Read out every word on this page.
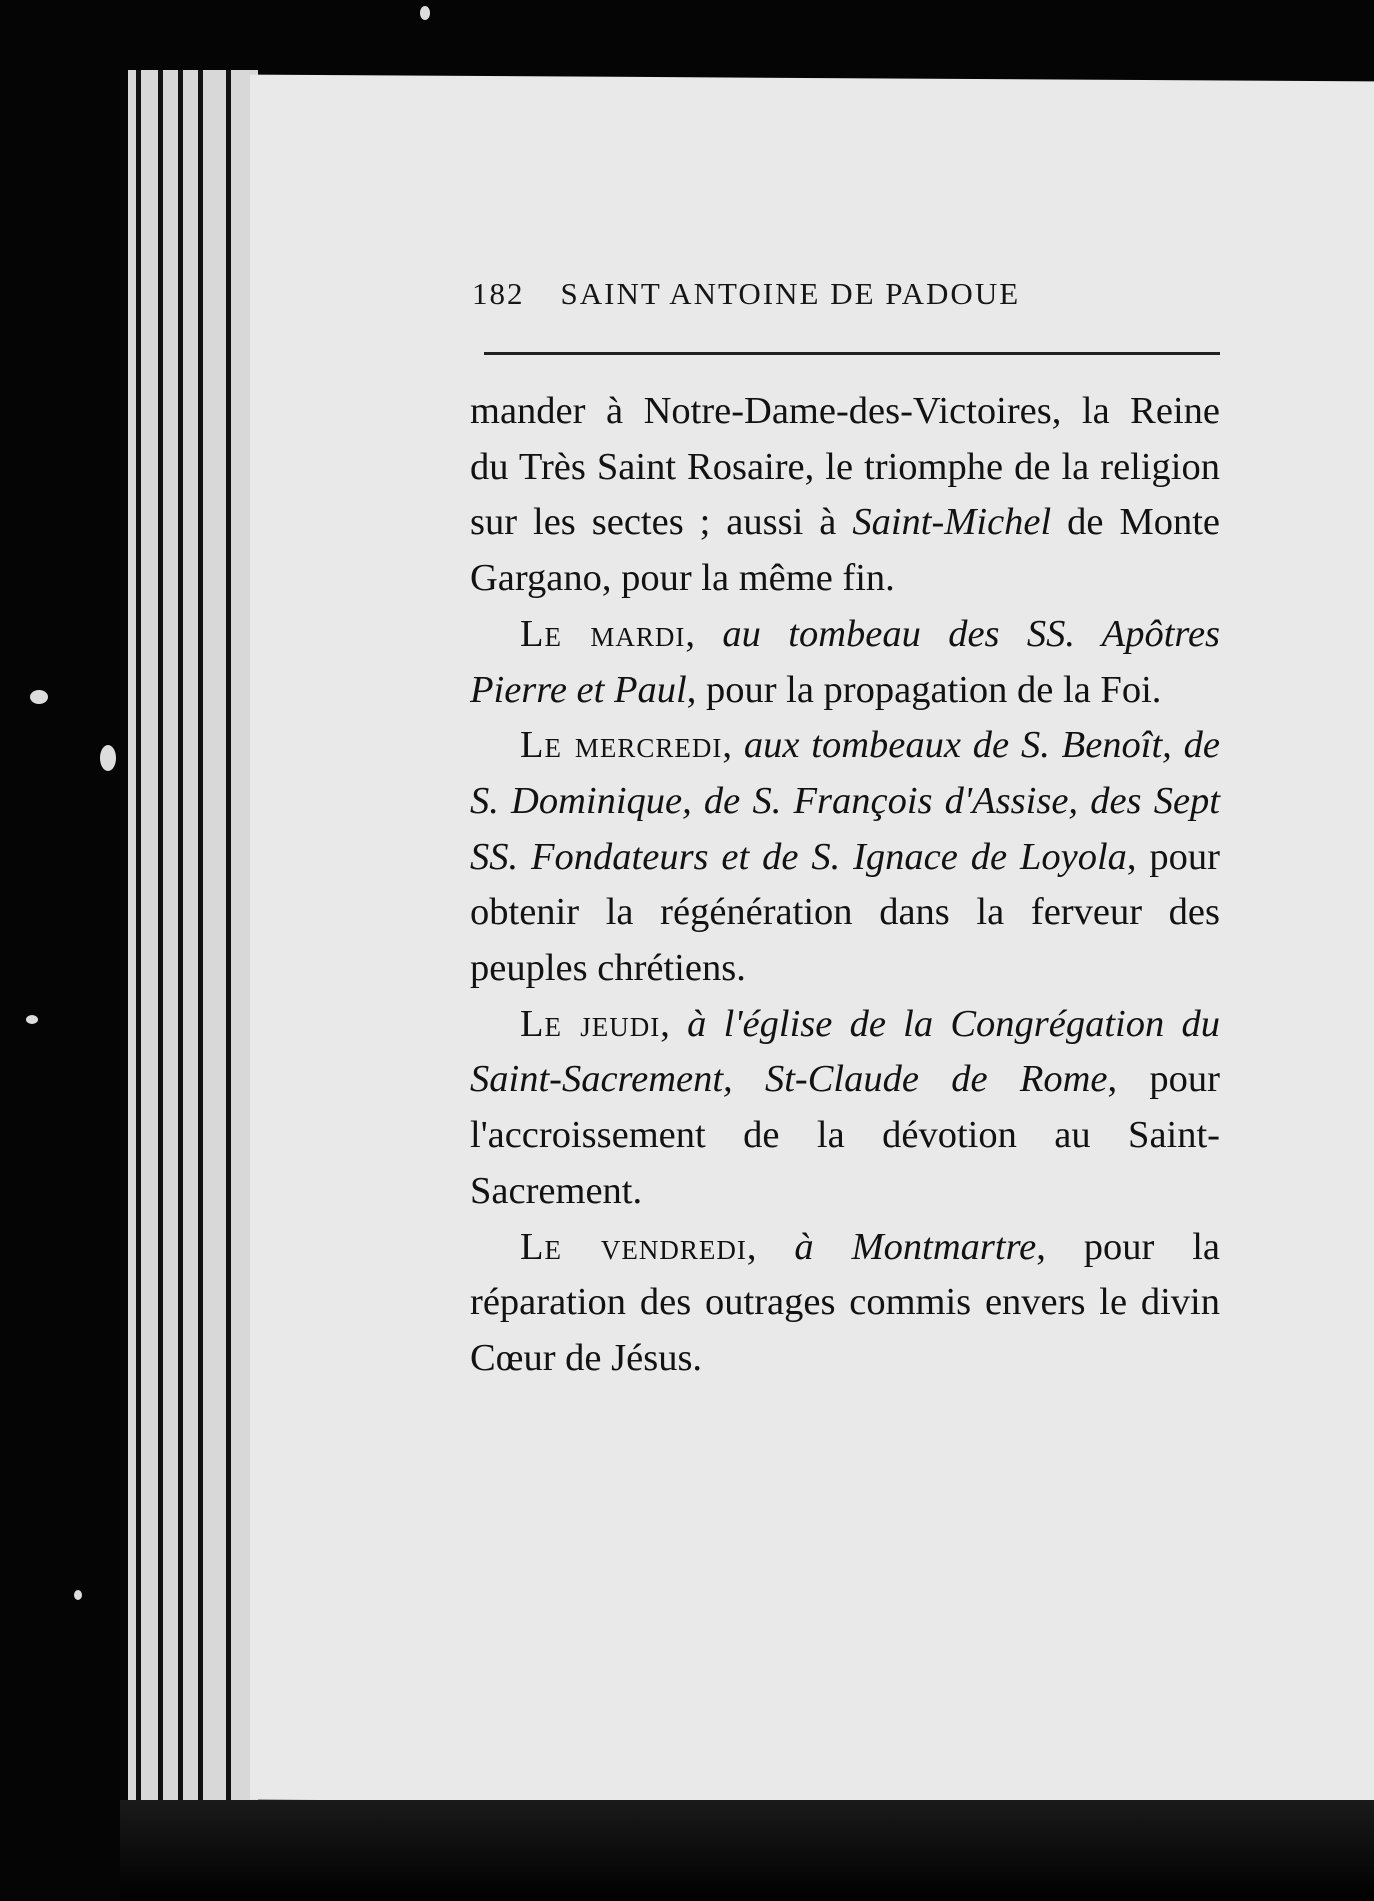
182 SAINT ANTOINE DE PADOUE

mander à Notre-Dame-des-Victoires, la Reine du Très Saint Rosaire, le triomphe de la religion sur les sectes ; aussi à Saint-Michel de Monte Gargano, pour la même fin.

Le mardi, au tombeau des SS. Apôtres Pierre et Paul, pour la propagation de la Foi.

Le mercredi, aux tombeaux de S. Benoît, de S. Dominique, de S. François d'Assise, des Sept SS. Fondateurs et de S. Ignace de Loyola, pour obtenir la régénération dans la ferveur des peuples chrétiens.

Le jeudi, à l'église de la Congrégation du Saint-Sacrement, St-Claude de Rome, pour l'accroissement de la dévotion au Saint-Sacrement.

Le vendredi, à Montmartre, pour la réparation des outrages commis envers le divin Cœur de Jésus.
